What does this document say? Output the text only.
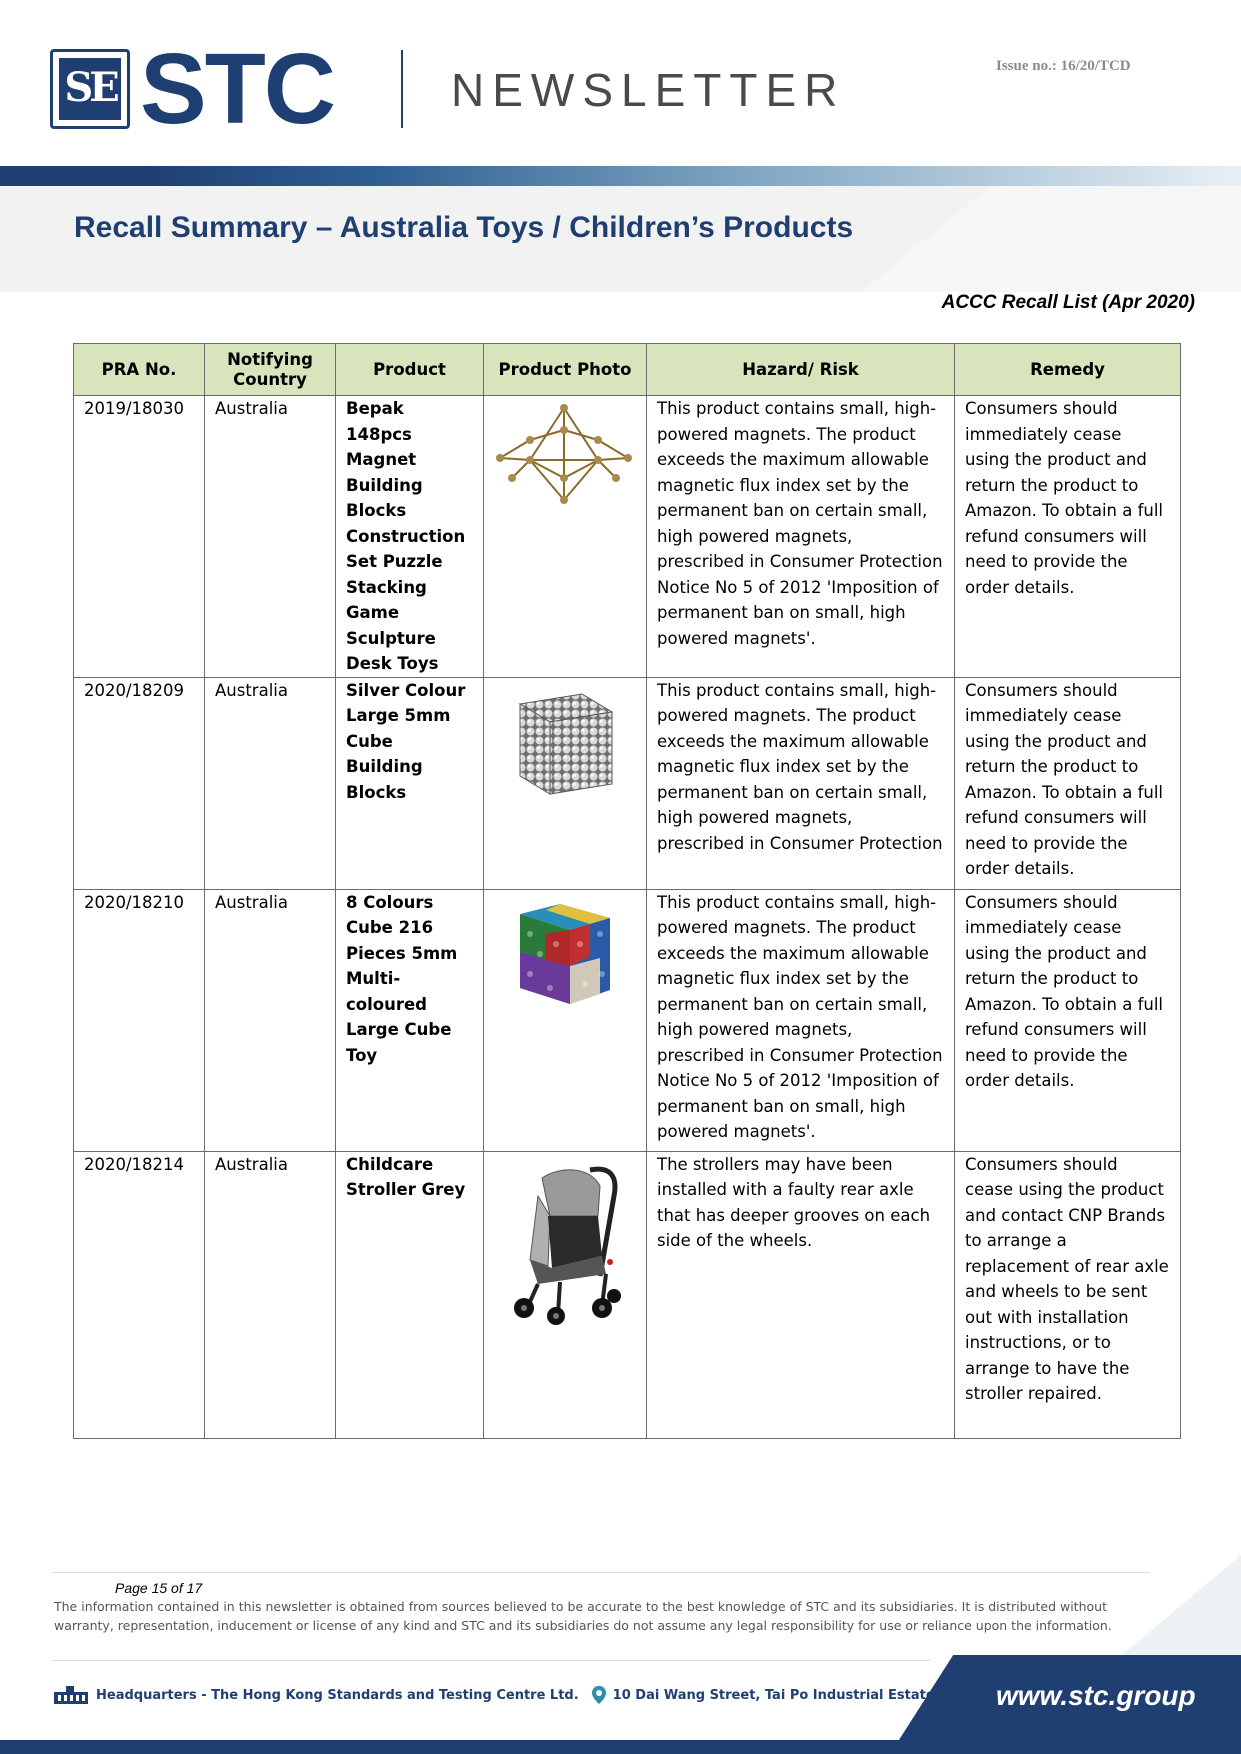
SE STC	NEWSLETTER	Issue no.: 16/20/TCD
Recall Summary – Australia Toys / Children’s Products
ACCC Recall List (Apr 2020)
PRA No.	Notifying Country	Product	Product Photo	Hazard/ Risk	Remedy
2019/18030	Australia	Bepak 148pcs Magnet Building Blocks Construction Set Puzzle Stacking Game Sculpture Desk Toys		This product contains small, high-powered magnets. The product exceeds the maximum allowable magnetic flux index set by the permanent ban on certain small, high powered magnets, prescribed in Consumer Protection Notice No 5 of 2012 'Imposition of permanent ban on small, high powered magnets'.	Consumers should immediately cease using the product and return the product to Amazon. To obtain a full refund consumers will need to provide the order details.
2020/18209	Australia	Silver Colour Large 5mm Cube Building Blocks		This product contains small, high-powered magnets. The product exceeds the maximum allowable magnetic flux index set by the permanent ban on certain small, high powered magnets, prescribed in Consumer Protection	Consumers should immediately cease using the product and return the product to Amazon. To obtain a full refund consumers will need to provide the order details.
2020/18210	Australia	8 Colours Cube 216 Pieces 5mm Multi-coloured Large Cube Toy		This product contains small, high-powered magnets. The product exceeds the maximum allowable magnetic flux index set by the permanent ban on certain small, high powered magnets, prescribed in Consumer Protection Notice No 5 of 2012 'Imposition of permanent ban on small, high powered magnets'.	Consumers should immediately cease using the product and return the product to Amazon. To obtain a full refund consumers will need to provide the order details.
2020/18214	Australia	Childcare Stroller Grey		The strollers may have been installed with a faulty rear axle that has deeper grooves on each side of the wheels.	Consumers should cease using the product and contact CNP Brands to arrange a replacement of rear axle and wheels to be sent out with installation instructions, or to arrange to have the stroller repaired.
Page 15 of 17
The information contained in this newsletter is obtained from sources believed to be accurate to the best knowledge of STC and its subsidiaries. It is distributed without warranty, representation, inducement or license of any kind and STC and its subsidiaries do not assume any legal responsibility for use or reliance upon the information.
Headquarters - The Hong Kong Standards and Testing Centre Ltd.	10 Dai Wang Street, Tai Po Industrial Estate, Tai Po, N.T., Hong Kong
www.stc.group
